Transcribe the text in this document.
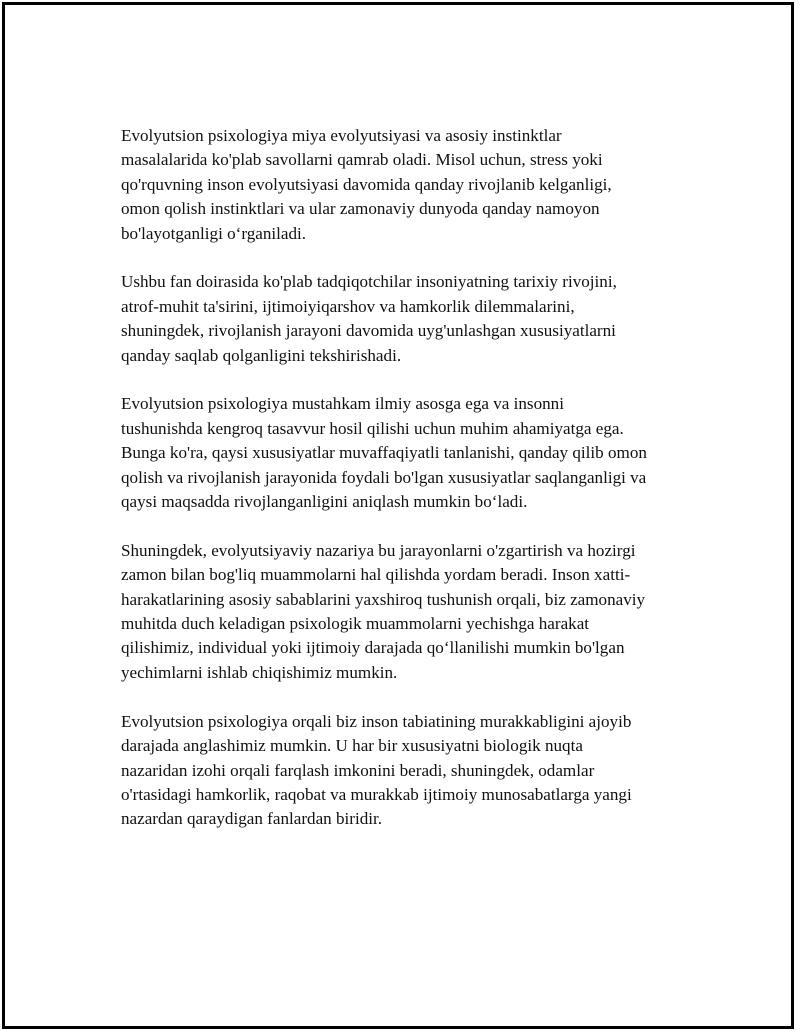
Evolyutsion psixologiya miya evolyutsiyasi va asosiy instinktlar
masalalarida ko'plab savollarni qamrab oladi. Misol uchun, stress yoki
qo'rquvning inson evolyutsiyasi davomida qanday rivojlanib kelganligi,
omon qolish instinktlari va ular zamonaviy dunyoda qanday namoyon
bo'layotganligi o‘rganiladi.

Ushbu fan doirasida ko'plab tadqiqotchilar insoniyatning tarixiy rivojini,
atrof-muhit ta'sirini, ijtimoiyiqarshov va hamkorlik dilemmalarini,
shuningdek, rivojlanish jarayoni davomida uyg'unlashgan xususiyatlarni
qanday saqlab qolganligini tekshirishadi.

Evolyutsion psixologiya mustahkam ilmiy asosga ega va insonni
tushunishda kengroq tasavvur hosil qilishi uchun muhim ahamiyatga ega.
Bunga ko'ra, qaysi xususiyatlar muvaffaqiyatli tanlanishi, qanday qilib omon
qolish va rivojlanish jarayonida foydali bo'lgan xususiyatlar saqlanganligi va
qaysi maqsadda rivojlanganligini aniqlash mumkin bo‘ladi.

Shuningdek, evolyutsiyaviy nazariya bu jarayonlarni o'zgartirish va hozirgi
zamon bilan bog'liq muammolarni hal qilishda yordam beradi. Inson xatti-
harakatlarining asosiy sabablarini yaxshiroq tushunish orqali, biz zamonaviy
muhitda duch keladigan psixologik muammolarni yechishga harakat
qilishimiz, individual yoki ijtimoiy darajada qo‘llanilishi mumkin bo'lgan
yechimlarni ishlab chiqishimiz mumkin.

Evolyutsion psixologiya orqali biz inson tabiatining murakkabligini ajoyib
darajada anglashimiz mumkin. U har bir xususiyatni biologik nuqta
nazaridan izohi orqali farqlash imkonini beradi, shuningdek, odamlar
o'rtasidagi hamkorlik, raqobat va murakkab ijtimoiy munosabatlarga yangi
nazardan qaraydigan fanlardan biridir.
